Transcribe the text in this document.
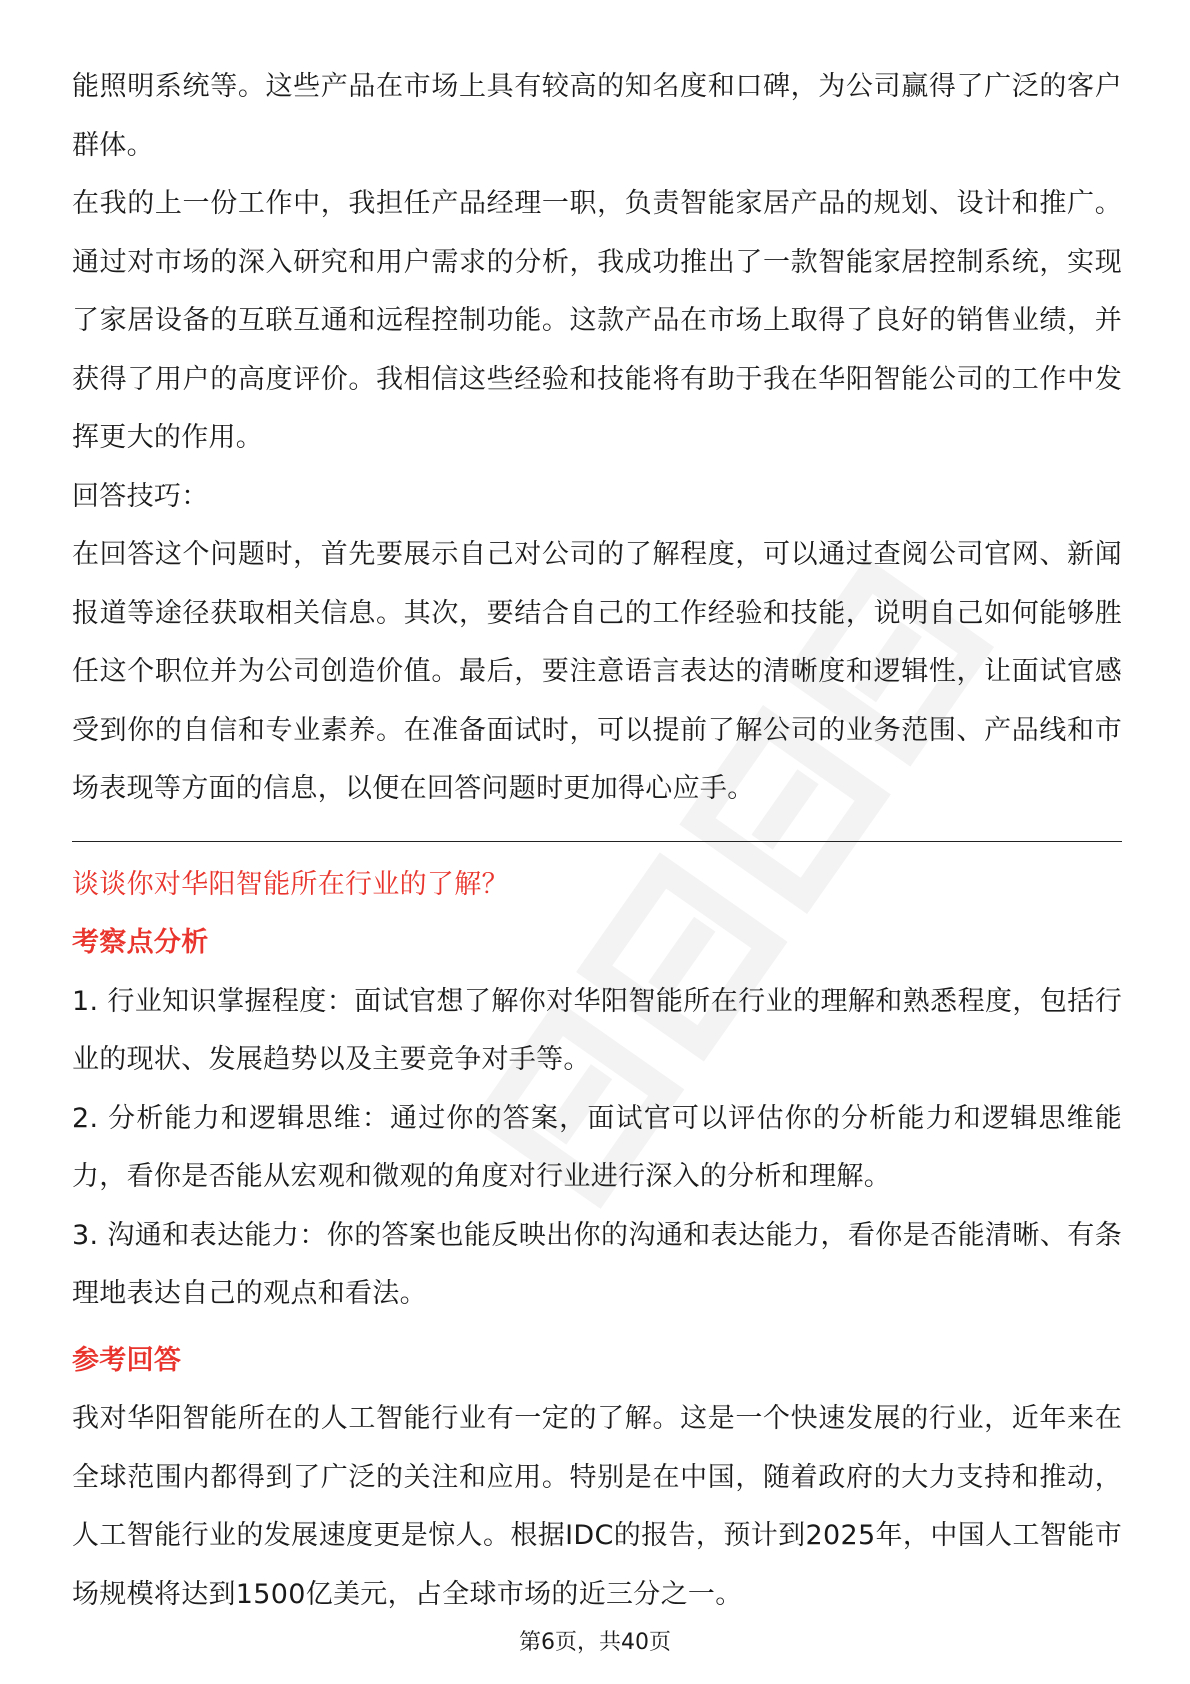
能照明系统等。这些产品在市场上具有较高的知名度和口碑，为公司赢得了广泛的客户群体。

在我的上一份工作中，我担任产品经理一职，负责智能家居产品的规划、设计和推广。通过对市场的深入研究和用户需求的分析，我成功推出了一款智能家居控制系统，实现了家居设备的互联互通和远程控制功能。这款产品在市场上取得了良好的销售业绩，并获得了用户的高度评价。我相信这些经验和技能将有助于我在华阳智能公司的工作中发挥更大的作用。

回答技巧：

在回答这个问题时，首先要展示自己对公司的了解程度，可以通过查阅公司官网、新闻报道等途径获取相关信息。其次，要结合自己的工作经验和技能，说明自己如何能够胜任这个职位并为公司创造价值。最后，要注意语言表达的清晰度和逻辑性，让面试官感受到你的自信和专业素养。在准备面试时，可以提前了解公司的业务范围、产品线和市场表现等方面的信息，以便在回答问题时更加得心应手。

谈谈你对华阳智能所在行业的了解？
考察点分析

1. 行业知识掌握程度：面试官想了解你对华阳智能所在行业的理解和熟悉程度，包括行业的现状、发展趋势以及主要竞争对手等。

2. 分析能力和逻辑思维：通过你的答案，面试官可以评估你的分析能力和逻辑思维能力，看你是否能从宏观和微观的角度对行业进行深入的分析和理解。

3. 沟通和表达能力：你的答案也能反映出你的沟通和表达能力，看你是否能清晰、有条理地表达自己的观点和看法。

参考回答

我对华阳智能所在的人工智能行业有一定的了解。这是一个快速发展的行业，近年来在全球范围内都得到了广泛的关注和应用。特别是在中国，随着政府的大力支持和推动，人工智能行业的发展速度更是惊人。根据IDC的报告，预计到2025年，中国人工智能市场规模将达到1500亿美元，占全球市场的近三分之一。

第6页，共40页
